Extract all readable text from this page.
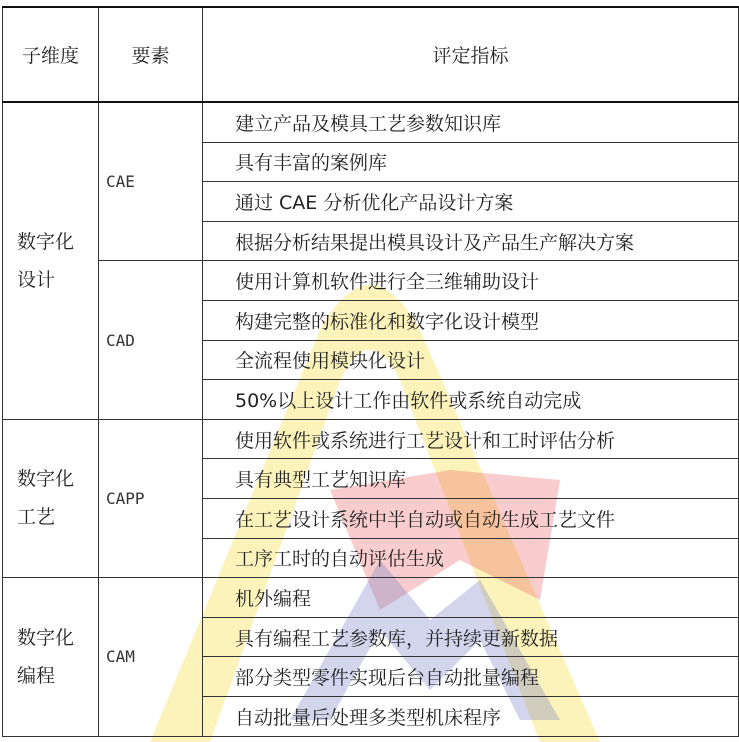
子维度	要素	评定指标

数字化
设计	CAE	建立产品及模具工艺参数知识库
		具有丰富的案例库
		通过 CAE 分析优化产品设计方案
		根据分析结果提出模具设计及产品生产解决方案
	CAD	使用计算机软件进行全三维辅助设计
		构建完整的标准化和数字化设计模型
		全流程使用模块化设计
		50%以上设计工作由软件或系统自动完成

数字化
工艺	CAPP	使用软件或系统进行工艺设计和工时评估分析
		具有典型工艺知识库
		在工艺设计系统中半自动或自动生成工艺文件
		工序工时的自动评估生成

数字化
编程	CAM	机外编程
		具有编程工艺参数库，并持续更新数据
		部分类型零件实现后台自动批量编程
		自动批量后处理多类型机床程序
